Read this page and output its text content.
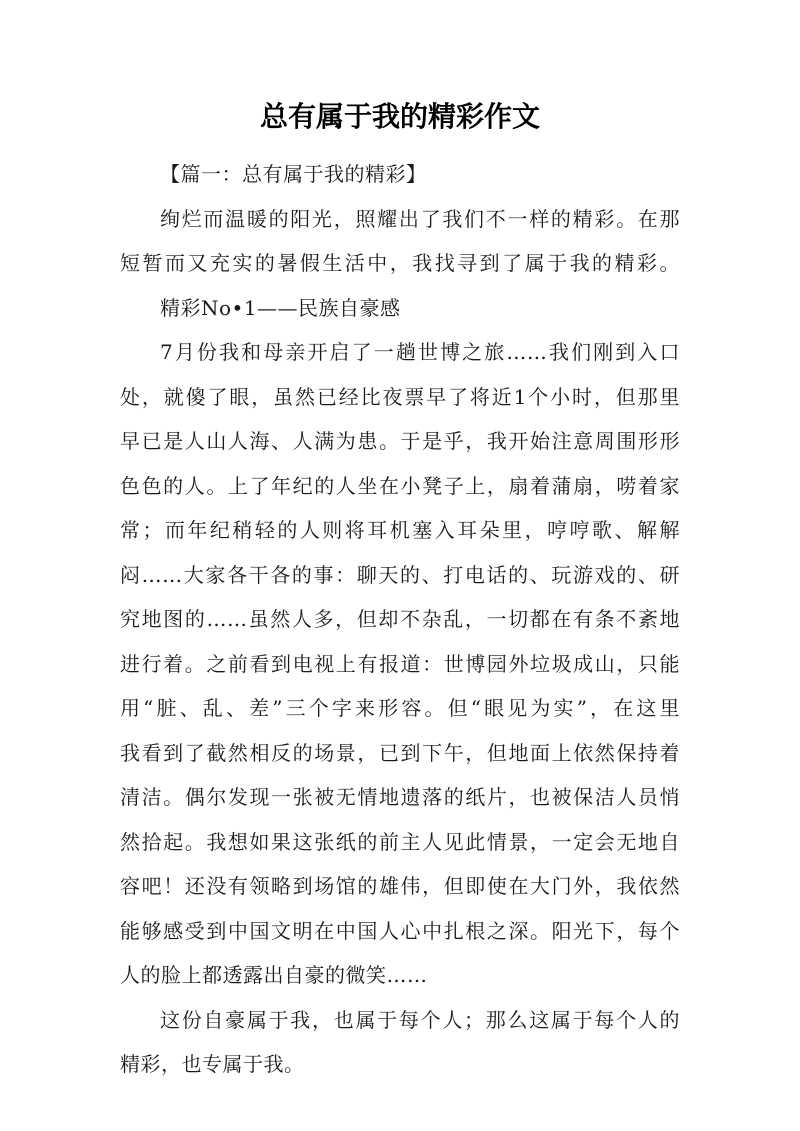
总有属于我的精彩作文
【篇一：总有属于我的精彩】
绚烂而温暖的阳光，照耀出了我们不一样的精彩。在那
短暂而又充实的暑假生活中，我找寻到了属于我的精彩。
精彩No•1——民族自豪感
7月份我和母亲开启了一趟世博之旅……我们刚到入口
处，就傻了眼，虽然已经比夜票早了将近1个小时，但那里
早已是人山人海、人满为患。于是乎，我开始注意周围形形
色色的人。上了年纪的人坐在小凳子上，扇着蒲扇，唠着家
常；而年纪稍轻的人则将耳机塞入耳朵里，哼哼歌、解解
闷……大家各干各的事：聊天的、打电话的、玩游戏的、研
究地图的……虽然人多，但却不杂乱，一切都在有条不紊地
进行着。之前看到电视上有报道：世博园外垃圾成山，只能
用“脏、乱、差”三个字来形容。但“眼见为实”，在这里
我看到了截然相反的场景，已到下午，但地面上依然保持着
清洁。偶尔发现一张被无情地遗落的纸片，也被保洁人员悄
然拾起。我想如果这张纸的前主人见此情景，一定会无地自
容吧！还没有领略到场馆的雄伟，但即使在大门外，我依然
能够感受到中国文明在中国人心中扎根之深。阳光下，每个
人的脸上都透露出自豪的微笑……
这份自豪属于我，也属于每个人；那么这属于每个人的
精彩，也专属于我。
